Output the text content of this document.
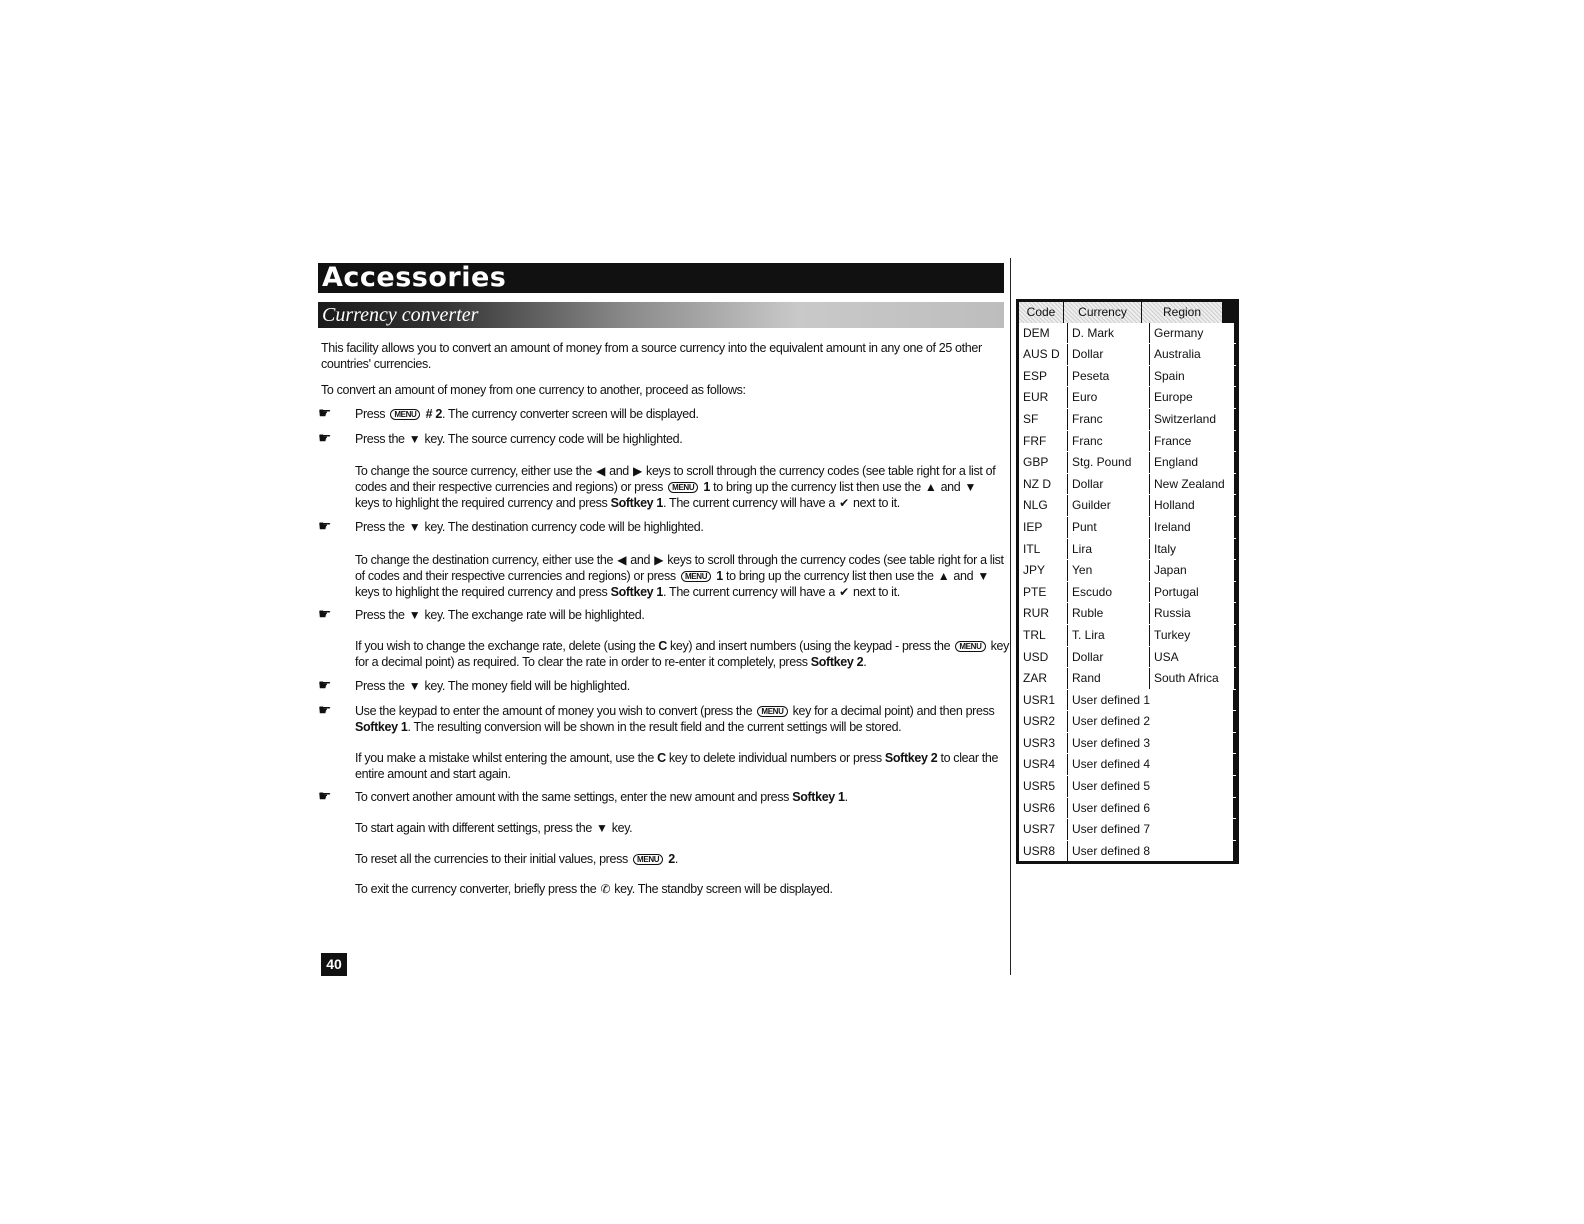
Accessories
Currency converter
This facility allows you to convert an amount of money from a source currency into the equivalent amount in any one of 25 other
countries' currencies.
To convert an amount of money from one currency to another, proceed as follows:
☛ Press MENU # 2. The currency converter screen will be displayed.
☛ Press the ▼ key. The source currency code will be highlighted.
To change the source currency, either use the ◀ and ▶ keys to scroll through the currency codes (see table right for a list of
codes and their respective currencies and regions) or press MENU 1 to bring up the currency list then use the ▲ and ▼
keys to highlight the required currency and press Softkey 1. The current currency will have a ✔ next to it.
☛ Press the ▼ key. The destination currency code will be highlighted.
To change the destination currency, either use the ◀ and ▶ keys to scroll through the currency codes (see table right for a list
of codes and their respective currencies and regions) or press MENU 1 to bring up the currency list then use the ▲ and ▼
keys to highlight the required currency and press Softkey 1. The current currency will have a ✔ next to it.
☛ Press the ▼ key. The exchange rate will be highlighted.
If you wish to change the exchange rate, delete (using the C key) and insert numbers (using the keypad - press the MENU key
for a decimal point) as required. To clear the rate in order to re-enter it completely, press Softkey 2.
☛ Press the ▼ key. The money field will be highlighted.
☛ Use the keypad to enter the amount of money you wish to convert (press the MENU key for a decimal point) and then press
Softkey 1. The resulting conversion will be shown in the result field and the current settings will be stored.
If you make a mistake whilst entering the amount, use the C key to delete individual numbers or press Softkey 2 to clear the
entire amount and start again.
☛ To convert another amount with the same settings, enter the new amount and press Softkey 1.
To start again with different settings, press the ▼ key.
To reset all the currencies to their initial values, press MENU 2.
To exit the currency converter, briefly press the ✆ key. The standby screen will be displayed.
40
Code	Currency	Region
DEM	D. Mark	Germany
AUS D	Dollar	Australia
ESP	Peseta	Spain
EUR	Euro	Europe
SF	Franc	Switzerland
FRF	Franc	France
GBP	Stg. Pound	England
NZ D	Dollar	New Zealand
NLG	Guilder	Holland
IEP	Punt	Ireland
ITL	Lira	Italy
JPY	Yen	Japan
PTE	Escudo	Portugal
RUR	Ruble	Russia
TRL	T. Lira	Turkey
USD	Dollar	USA
ZAR	Rand	South Africa
USR1	User defined 1
USR2	User defined 2
USR3	User defined 3
USR4	User defined 4
USR5	User defined 5
USR6	User defined 6
USR7	User defined 7
USR8	User defined 8
